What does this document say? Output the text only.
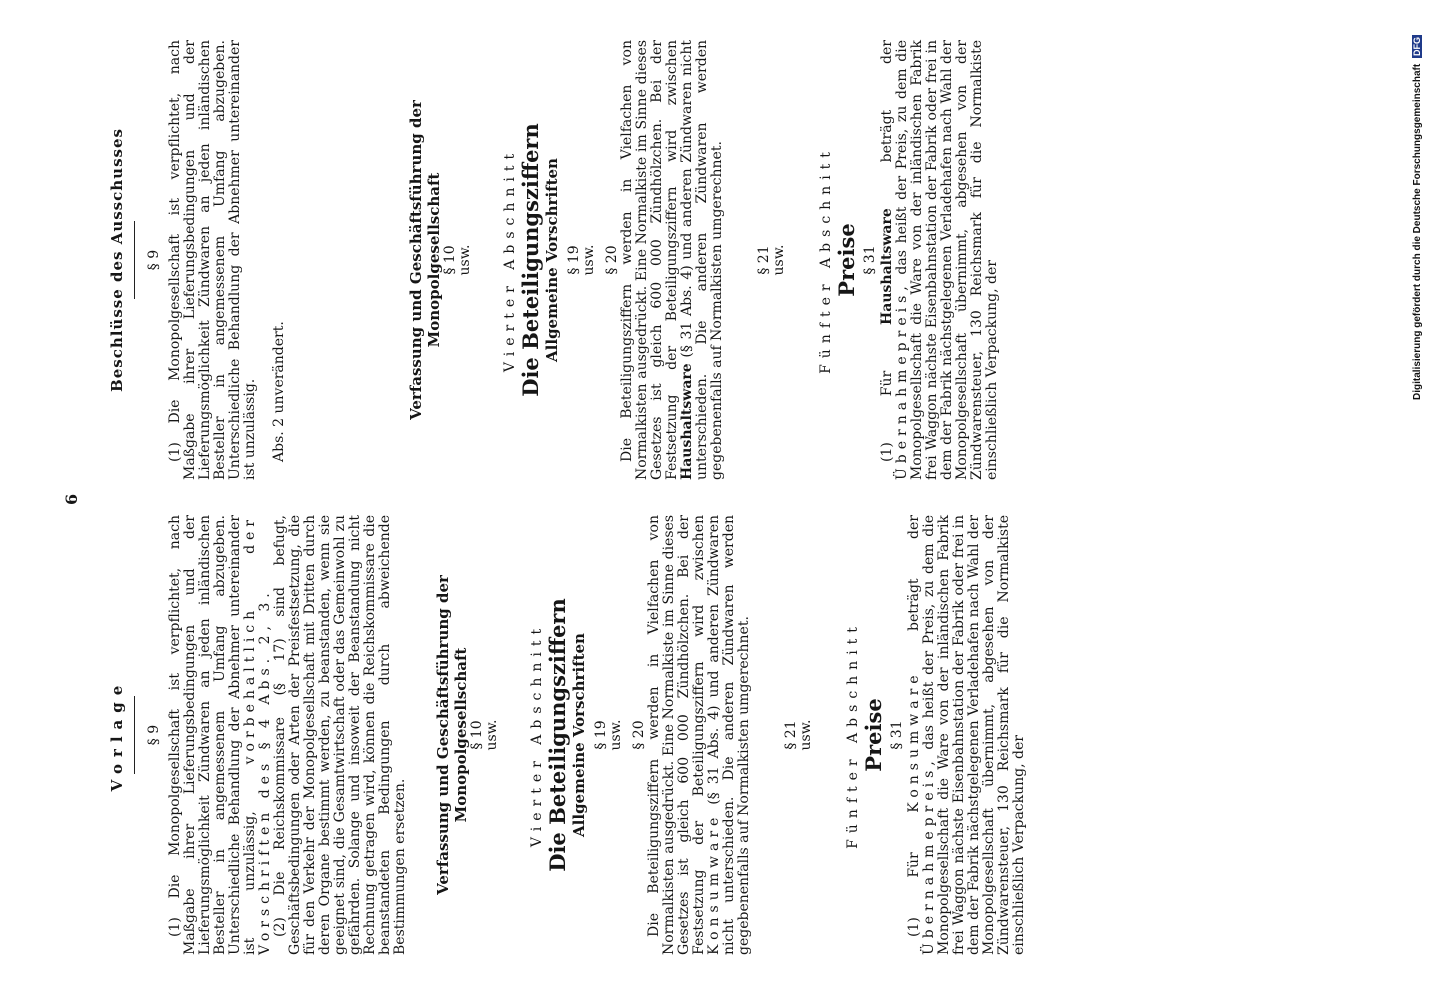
6
Vorlage § 9 (1) Die Monopolgesellschaft ist verpflichtet, nach Maßgabe ihrer Lieferungsbedingungen und der Lieferungsmöglichkeit Zündwaren an jeden inländischen Besteller in angemessenem Umfang abzugeben. Unterschiedliche Behandlung der Abnehmer untereinander ist unzulässig, vorbehaltlich der Vorschriften des § 4 Abs. 2, 3. (2) Die Reichskommissare (§ 17) sind befugt, Geschäftsbedingungen oder Arten der Preisfestsetzung, die für den Verkehr der Monopolgesellschaft mit Dritten durch deren Organe bestimmt werden, zu beanstanden, wenn sie geeignet sind, die Gesamtwirtschaft oder das Gemeinwohl zu gefährden. Solange und insoweit der Beanstandung nicht Rechnung getragen wird, können die Reichskommissare die beanstandeten Bedingungen durch abweichende Bestimmungen ersetzen. Verfassung und Geschäftsführung der Monopolgesellschaft § 10 usw. Vierter Abschnitt Die Beteiligungsziffern Allgemeine Vorschriften § 19 usw. § 20 Die Beteiligungsziffern werden in Vielfachen von Normalkisten ausgedrückt. Eine Normalkiste im Sinne dieses Gesetzes ist gleich 600 000 Zündhölzchen. Bei der Festsetzung der Beteiligungsziffern wird zwischen Konsumware (§ 31 Abs. 4) und anderen Zündwaren nicht unterschieden. Die anderen Zündwaren werden gegebenenfalls auf Normalkisten umgerechnet. § 21 usw. Fünfter Abschnitt Preise § 31

(1) Für Konsumware beträgt der Übernahmepreis, das heißt der Preis, zu dem die Monopolgesellschaft die Ware von der inländischen Fabrik frei Waggon nächste Eisenbahnstation der Fabrik oder frei in dem der Fabrik nächstgelegenen Verladehafen nach Wahl der Monopolgesellschaft übernimmt, abgesehen von der Zündwarensteuer, 130 Reichsmark für die Normalkiste einschließlich Verpackung, der

Beschlüsse des Ausschusses § 9 (1) Die Monopolgesellschaft ist verpflichtet, nach Maßgabe ihrer Lieferungsbedingungen und der Lieferungsmöglichkeit Zündwaren an jeden inländischen Besteller in angemessenem Umfang abzugeben. Unterschiedliche Behandlung der Abnehmer untereinander ist unzulässig. Abs. 2 unverändert.	Verfassung und Geschäftsführung der Monopolgesellschaft § 10 usw. Vierter Abschnitt Die Beteiligungsziffern Allgemeine Vorschriften § 19 usw. § 20 Die Beteiligungsziffern werden in Vielfachen von Normalkisten ausgedrückt. Eine Normalkiste im Sinne dieses Gesetzes ist gleich 600 000 Zündhölzchen. Bei der Festsetzung der Beteiligungsziffern wird zwischen Haushaltsware (§ 31 Abs. 4) und anderen Zündwaren nicht unterschieden. Die anderen Zündwaren werden gegebenenfalls auf Normalkisten umgerechnet. § 21 usw. Fünfter Abschnitt Preise § 31

(1) Für Haushaltsware beträgt der Übernahmepreis, das heißt der Preis, zu dem die Monopolgesellschaft die Ware von der inländischen Fabrik frei Waggon nächste Eisenbahnstation der Fabrik oder frei in dem der Fabrik nächstgelegenen Verladehafen nach Wahl der Monopolgesellschaft übernimmt, abgesehen von der Zündwarensteuer, 130 Reichsmark für die Normalkiste einschließlich Verpackung, der	Digitalisierung gefördert durch die Deutsche Forschungsgemeinschaft DFG
